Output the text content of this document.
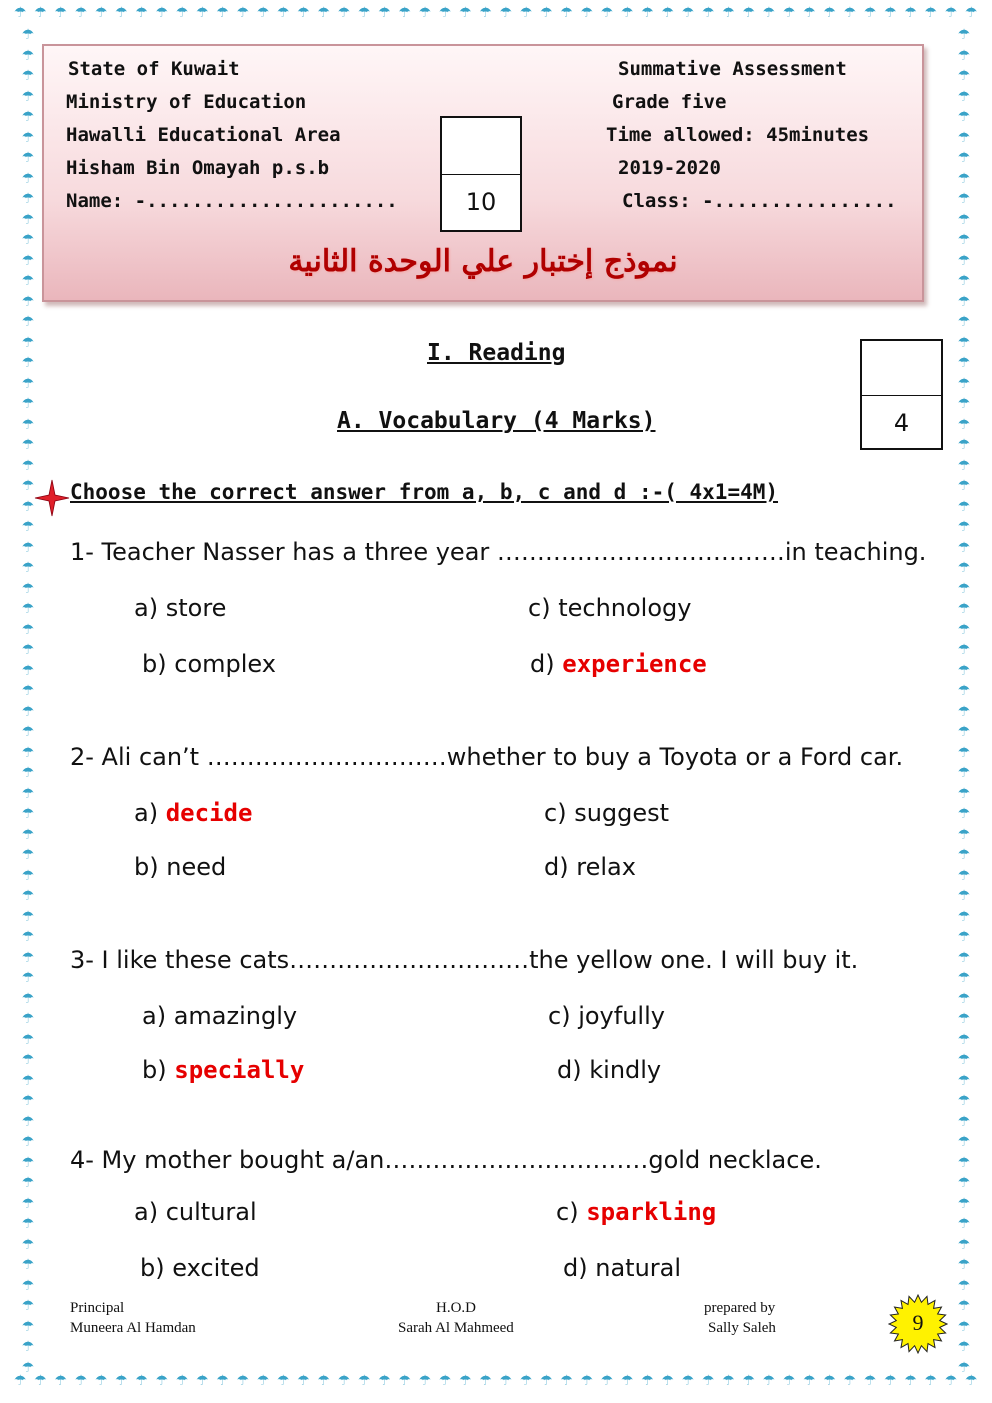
☂ ☂ ☂ ☂ ☂ ☂ ☂ ☂ ☂ ☂ ☂ ☂ ☂ ☂ ☂ ☂ ☂ ☂ ☂ ☂ ☂ ☂ ☂ ☂ ☂ ☂ ☂ ☂ ☂ ☂ ☂ ☂ ☂ ☂ ☂ ☂ ☂ ☂ ☂ ☂ ☂ ☂ ☂ ☂ ☂ ☂ ☂ ☂
☂ ☂ ☂ ☂ ☂ ☂ ☂ ☂ ☂ ☂ ☂ ☂ ☂ ☂ ☂ ☂ ☂ ☂ ☂ ☂ ☂ ☂ ☂ ☂ ☂ ☂ ☂ ☂ ☂ ☂ ☂ ☂ ☂ ☂ ☂ ☂ ☂ ☂ ☂ ☂ ☂ ☂ ☂ ☂ ☂ ☂ ☂ ☂
☂
☂
☂
☂
☂
☂
☂
☂
☂
☂
☂
☂
☂
☂
☂
☂
☂
☂
☂
☂
☂
☂
☂
☂
☂
☂
☂
☂
☂
☂
☂
☂
☂
☂
☂
☂
☂
☂
☂
☂
☂
☂
☂
☂
☂
☂
☂
☂
☂
☂
☂
☂
☂
☂
☂
☂
☂
☂
☂
☂
☂
☂
☂
☂
☂
☂
☂
☂
☂
☂
☂
☂
☂
☂
☂
☂
☂
☂
☂
☂
☂
☂
☂
☂
☂
☂
☂
☂
☂
☂
☂
☂
☂
☂
☂
☂
☂
☂
☂
☂
☂
☂
☂
☂
☂
☂
☂
☂
☂
☂
☂
☂
☂
☂
☂
☂
☂
☂
☂
☂
☂
☂
☂
☂
☂
☂
☂
☂
☂
☂
☂
☂
State of Kuwait
Ministry of Education
Hawalli Educational Area
Hisham Bin Omayah p.s.b
Name: -......................
Summative Assessment
Grade five
Time allowed: 45minutes
2019-2020
Class: -................
10
نموذج إختبار علي الوحدة الثانية
I. Reading
A. Vocabulary (4 Marks)	4
Choose the correct answer from a, b, c and d :-( 4x1=4M)
1- Teacher Nasser has a three year ………………………………in teaching.
a) store	c) technology
b) complex	d) experience
2- Ali can’t …………………………whether to buy a Toyota or a Ford car.
a) decide	c) suggest
b) need	d) relax
3- I like these cats…………………………the yellow one. I will buy it.
a) amazingly	c) joyfully
b) specially	d) kindly
4- My mother bought a/an……………………………gold necklace.
a) cultural	c) sparkling
b) excited	d) natural
Principal
Muneera Al Hamdan
H.O.D
Sarah Al Mahmeed
prepared by
Sally Saleh	9
